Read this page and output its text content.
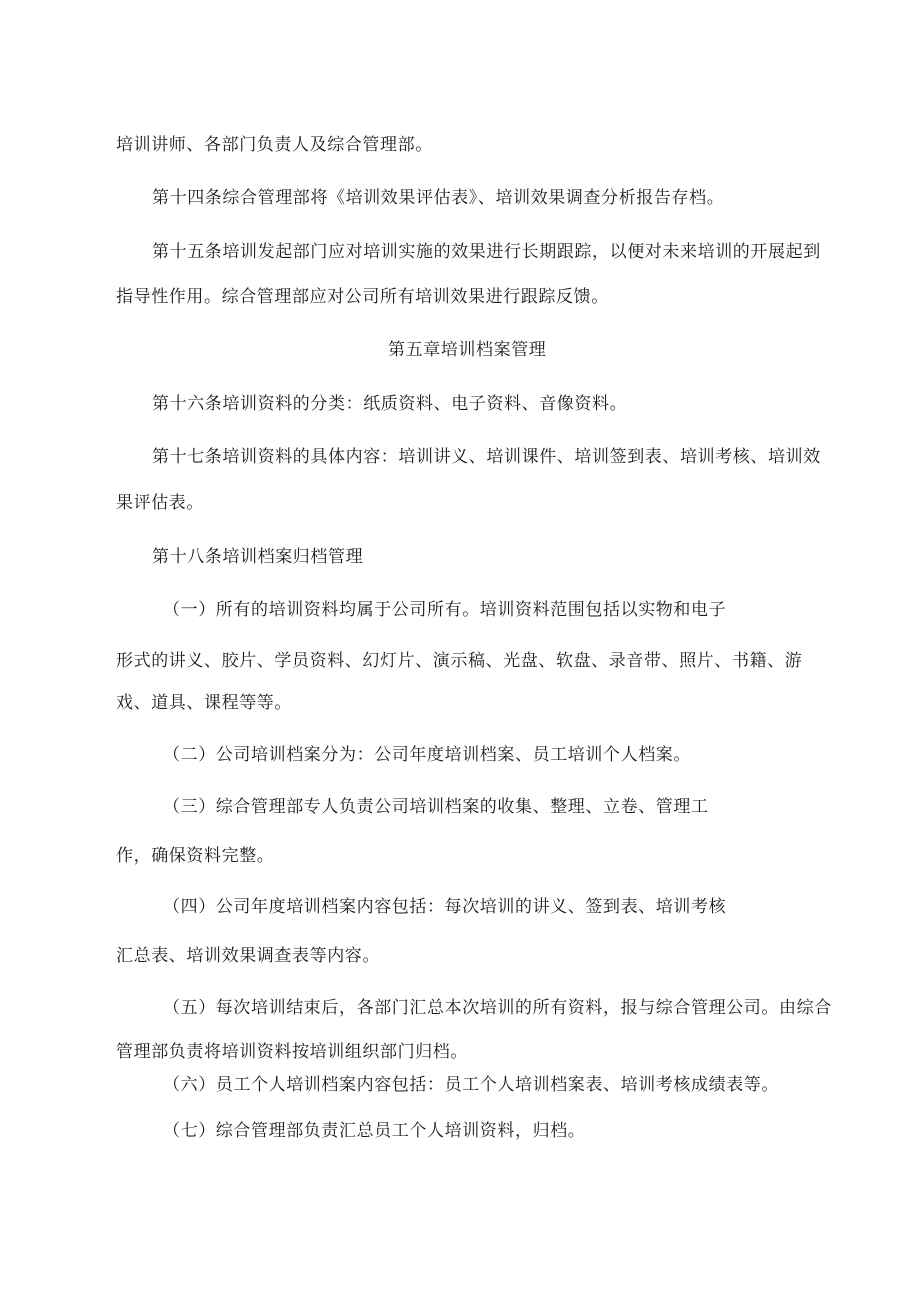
培训讲师、各部门负责人及综合管理部。

第十四条综合管理部将《培训效果评估表》、培训效果调查分析报告存档。

第十五条培训发起部门应对培训实施的效果进行长期跟踪，以便对未来培训的开展起到

指导性作用。综合管理部应对公司所有培训效果进行跟踪反馈。

第五章培训档案管理

第十六条培训资料的分类：纸质资料、电子资料、音像资料。

第十七条培训资料的具体内容：培训讲义、培训课件、培训签到表、培训考核、培训效

果评估表。

第十八条培训档案归档管理

（一）所有的培训资料均属于公司所有。培训资料范围包括以实物和电子

形式的讲义、胶片、学员资料、幻灯片、演示稿、光盘、软盘、录音带、照片、书籍、游

戏、道具、课程等等。

（二）公司培训档案分为：公司年度培训档案、员工培训个人档案。

（三）综合管理部专人负责公司培训档案的收集、整理、立卷、管理工

作，确保资料完整。

（四）公司年度培训档案内容包括：每次培训的讲义、签到表、培训考核

汇总表、培训效果调查表等内容。

（五）每次培训结束后，各部门汇总本次培训的所有资料，报与综合管理公司。由综合

管理部负责将培训资料按培训组织部门归档。

（六）员工个人培训档案内容包括：员工个人培训档案表、培训考核成绩表等。

（七）综合管理部负责汇总员工个人培训资料，归档。
